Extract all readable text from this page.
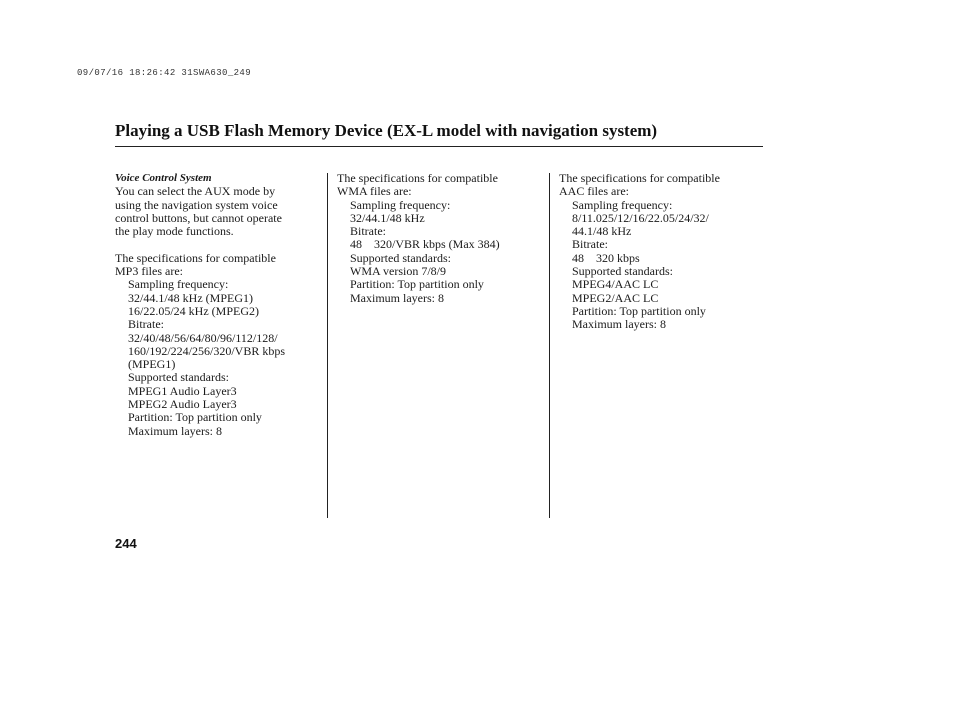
09/07/16 18:26:42 31SWA630_249
Playing a USB Flash Memory Device (EX-L model with navigation system)
Voice Control System
You can select the AUX mode by
using the navigation system voice
control buttons, but cannot operate
the play mode functions.
The specifications for compatible
MP3 files are:
Sampling frequency:
32/44.1/48 kHz (MPEG1)
16/22.05/24 kHz (MPEG2)
Bitrate:
32/40/48/56/64/80/96/112/128/
160/192/224/256/320/VBR kbps
(MPEG1)
Supported standards:
MPEG1 Audio Layer3
MPEG2 Audio Layer3
Partition: Top partition only
Maximum layers: 8
The specifications for compatible
WMA files are:
Sampling frequency:
32/44.1/48 kHz
Bitrate:
48    320/VBR kbps (Max 384)
Supported standards:
WMA version 7/8/9
Partition: Top partition only
Maximum layers: 8
The specifications for compatible
AAC files are:
Sampling frequency:
8/11.025/12/16/22.05/24/32/
44.1/48 kHz
Bitrate:
48    320 kbps
Supported standards:
MPEG4/AAC LC
MPEG2/AAC LC
Partition: Top partition only
Maximum layers: 8
244
